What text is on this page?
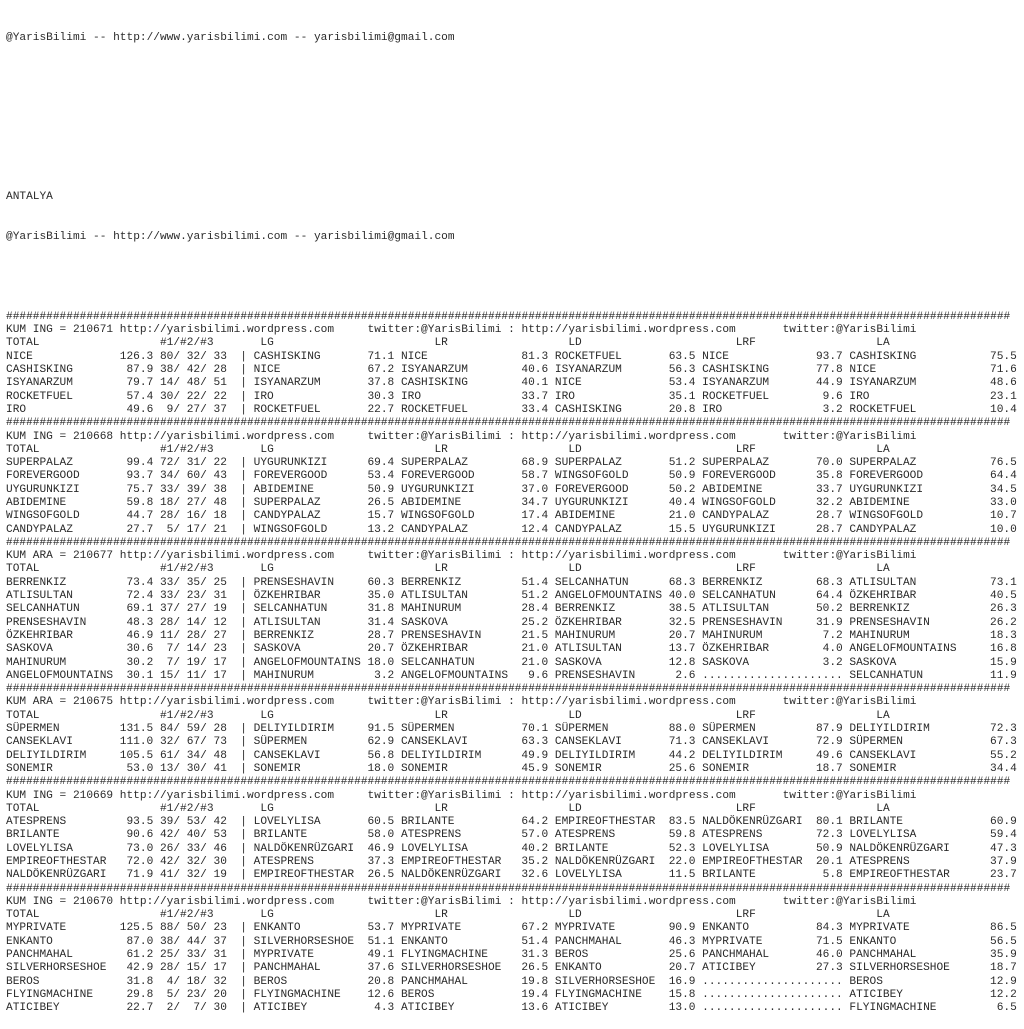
@YarisBilimi -- http://www.yarisbilimi.com -- yarisbilimi@gmail.com

ANTALYA

@YarisBilimi -- http://www.yarisbilimi.com -- yarisbilimi@gmail.com

######################################################################################################################################################
KUM ING = 210671 http://yarisbilimi.wordpress.com	twitter:@YarisBilimi : http://yarisbilimi.wordpress.com	twitter:@YarisBilimi
TOTAL	#1/#2/#3	LG	LR	LD	LRF	LA
NICE	126.3 80 / 32 / 33 | CASHISKING	71.1 NICE	81.3 ROCKETFUEL	63.5 NICE	93.7 CASHISKING	75.5
CASHISKING	87.9 38 / 42 / 28 | NICE	67.2 ISYANARZUM	40.6 ISYANARZUM	56.3 CASHISKING	77.8 NICE	71.6
ISYANARZUM	79.7 14 / 48 / 51 | ISYANARZUM	37.8 CASHISKING	40.1 NICE	53.4 ISYANARZUM	44.9 ISYANARZUM	48.6
ROCKETFUEL	57.4 30 / 22 / 22 | IRO	30.3 IRO	33.7 IRO	35.1 ROCKETFUEL	9.6 IRO	23.1
IRO	49.6 9 / 27 / 37 | ROCKETFUEL	22.7 ROCKETFUEL	33.4 CASHISKING	20.8 IRO	3.2 ROCKETFUEL	10.4
######################################################################################################################################################
KUM ING = 210668 http://yarisbilimi.wordpress.com	twitter:@YarisBilimi : http://yarisbilimi.wordpress.com	twitter:@YarisBilimi
TOTAL	#1/#2/#3	LG	LR	LD	LRF	LA
SUPERPALAZ	99.4 72 / 31 / 22 | UYGURUNKIZI	69.4 SUPERPALAZ	68.9 SUPERPALAZ	51.2 SUPERPALAZ	70.0 SUPERPALAZ	76.5
FOREVERGOOD	93.7 34 / 60 / 43 | FOREVERGOOD	53.4 FOREVERGOOD	58.7 WINGSOFGOLD	50.9 FOREVERGOOD	35.8 FOREVERGOOD	64.4
UYGURUNKIZI	75.7 33 / 39 / 38 | ABIDEMINE	50.9 UYGURUNKIZI	37.0 FOREVERGOOD	50.2 ABIDEMINE	33.7 UYGURUNKIZI	34.5
ABIDEMINE	59.8 18 / 27 / 48 | SUPERPALAZ	26.5 ABIDEMINE	34.7 UYGURUNKIZI	40.4 WINGSOFGOLD	32.2 ABIDEMINE	33.0
WINGSOFGOLD	44.7 28 / 16 / 18 | CANDYPALAZ	15.7 WINGSOFGOLD	17.4 ABIDEMINE	21.0 CANDYPALAZ	28.7 WINGSOFGOLD	10.7
CANDYPALAZ	27.7 5 / 17 / 21 | WINGSOFGOLD	13.2 CANDYPALAZ	12.4 CANDYPALAZ	15.5 UYGURUNKIZI	28.7 CANDYPALAZ	10.0
######################################################################################################################################################
KUM ARA = 210677 http://yarisbilimi.wordpress.com	twitter:@YarisBilimi : http://yarisbilimi.wordpress.com	twitter:@YarisBilimi
TOTAL	#1/#2/#3	LG	LR	LD	LRF	LA
BERRENKIZ	73.4 33 / 35 / 25 | PRENSESHAVIN	60.3 BERRENKIZ	51.4 SELCANHATUN	68.3 BERRENKIZ	68.3 ATLISULTAN	73.1
ATLISULTAN	72.4 33 / 23 / 31 | ÖZKEHRIBAR	35.0 ATLISULTAN	51.2 ANGELOFMOUNTAINS 40.0 SELCANHATUN	64.4 ÖZKEHRIBAR	40.5
SELCANHATUN	69.1 37 / 27 / 19 | SELCANHATUN	31.8 MAHINURUM	28.4 BERRENKIZ	38.5 ATLISULTAN	50.2 BERRENKIZ	26.3
PRENSESHAVIN	48.3 28 / 14 / 12 | ATLISULTAN	31.4 SASKOVA	25.2 ÖZKEHRIBAR	32.5 PRENSESHAVIN	31.9 PRENSESHAVIN	26.2
ÖZKEHRIBAR	46.9 11 / 28 / 27 | BERRENKIZ	28.7 PRENSESHAVIN	21.5 MAHINURUM	20.7 MAHINURUM	7.2 MAHINURUM	18.3
SASKOVA	30.6 7 / 14 / 23 | SASKOVA	20.7 ÖZKEHRIBAR	21.0 ATLISULTAN	13.7 ÖZKEHRIBAR	4.0 ANGELOFMOUNTAINS	16.8
MAHINURUM	30.2 7 / 19 / 17 | ANGELOFMOUNTAINS 18.0 SELCANHATUN	21.0 SASKOVA	12.8 SASKOVA	3.2 SASKOVA	15.9
ANGELOFMOUNTAINS 30.1 15 / 11 / 17 | MAHINURUM	3.2 ANGELOFMOUNTAINS 9.6 PRENSESHAVIN	2.6 ..................... SELCANHATUN	11.9
######################################################################################################################################################
KUM ARA = 210675 http://yarisbilimi.wordpress.com	twitter:@YarisBilimi : http://yarisbilimi.wordpress.com	twitter:@YarisBilimi
TOTAL	#1/#2/#3	LG	LR	LD	LRF	LA
SÜPERMEN	131.5 84 / 59 / 28 | DELIYILDIRIM	91.5 SÜPERMEN	70.1 SÜPERMEN	88.0 SÜPERMEN	87.9 DELIYILDIRIM	72.3
CANSEKLAVI	111.0 32 / 67 / 73 | SÜPERMEN	62.9 CANSEKLAVI	63.3 CANSEKLAVI	71.3 CANSEKLAVI	72.9 SÜPERMEN	67.3
DELIYILDIRIM	105.5 61 / 34 / 48 | CANSEKLAVI	56.8 DELIYILDIRIM	49.9 DELIYILDIRIM	44.2 DELIYILDIRIM	49.6 CANSEKLAVI	55.2
SONEMIR	53.0 13 / 30 / 41 | SONEMIR	18.0 SONEMIR	45.9 SONEMIR	25.6 SONEMIR	18.7 SONEMIR	34.4
######################################################################################################################################################
KUM ING = 210669 http://yarisbilimi.wordpress.com	twitter:@YarisBilimi : http://yarisbilimi.wordpress.com	twitter:@YarisBilimi
TOTAL	#1/#2/#3	LG	LR	LD	LRF	LA
ATESPRENS	93.5 39 / 53 / 42 | LOVELYLISA	60.5 BRILANTE	64.2 EMPIREOFTHESTAR 83.5 NALDÖKENRÜZGARI 80.1 BRILANTE	60.9
BRILANTE	90.6 42 / 40 / 53 | BRILANTE	58.0 ATESPRENS	57.0 ATESPRENS	59.8 ATESPRENS	72.3 LOVELYLISA	59.4
LOVELYLISA	73.0 26 / 33 / 46 | NALDÖKENRÜZGARI 46.9 LOVELYLISA	40.2 BRILANTE	52.3 LOVELYLISA	50.9 NALDÖKENRÜZGARI	47.3
EMPIREOFTHESTAR 72.0 42 / 32 / 30 | ATESPRENS	37.3 EMPIREOFTHESTAR 35.2 NALDÖKENRÜZGARI 22.0 EMPIREOFTHESTAR 20.1 ATESPRENS	37.9
NALDÖKENRÜZGARI 71.9 41 / 32 / 19 | EMPIREOFTHESTAR 26.5 NALDÖKENRÜZGARI 32.6 LOVELYLISA	11.5 BRILANTE	5.8 EMPIREOFTHESTAR	23.7
######################################################################################################################################################
KUM ING = 210670 http://yarisbilimi.wordpress.com	twitter:@YarisBilimi : http://yarisbilimi.wordpress.com	twitter:@YarisBilimi
TOTAL	#1/#2/#3	LG	LR	LD	LRF	LA
MYPRIVATE	125.5 88 / 50 / 23 | ENKANTO	53.7 MYPRIVATE	67.2 MYPRIVATE	90.9 ENKANTO	84.3 MYPRIVATE	86.5
ENKANTO	87.0 38 / 44 / 37 | SILVERHORSESHOE 51.1 ENKANTO	51.4 PANCHMAHAL	46.3 MYPRIVATE	71.5 ENKANTO	56.5
PANCHMAHAL	61.2 25 / 33 / 31 | MYPRIVATE	49.1 FLYINGMACHINE	31.3 BEROS	25.6 PANCHMAHAL	46.0 PANCHMAHAL	35.9
SILVERHORSESHOE 42.9 28 / 15 / 17 | PANCHMAHAL	37.6 SILVERHORSESHOE 26.5 ENKANTO	20.7 ATICIBEY	27.3 SILVERHORSESHOE	18.7
BEROS	31.8 4 / 18 / 32 | BEROS	20.8 PANCHMAHAL	19.8 SILVERHORSESHOE 16.9 ..................... BEROS	12.9
FLYINGMACHINE	29.8 5 / 23 / 20 | FLYINGMACHINE 12.6 BEROS	19.4 FLYINGMACHINE 15.8 ..................... ATICIBEY	12.2
ATICIBEY	22.7 2 / 7 / 30 | ATICIBEY	4.3 ATICIBEY	13.6 ATICIBEY	13.0 ..................... FLYINGMACHINE	6.5
